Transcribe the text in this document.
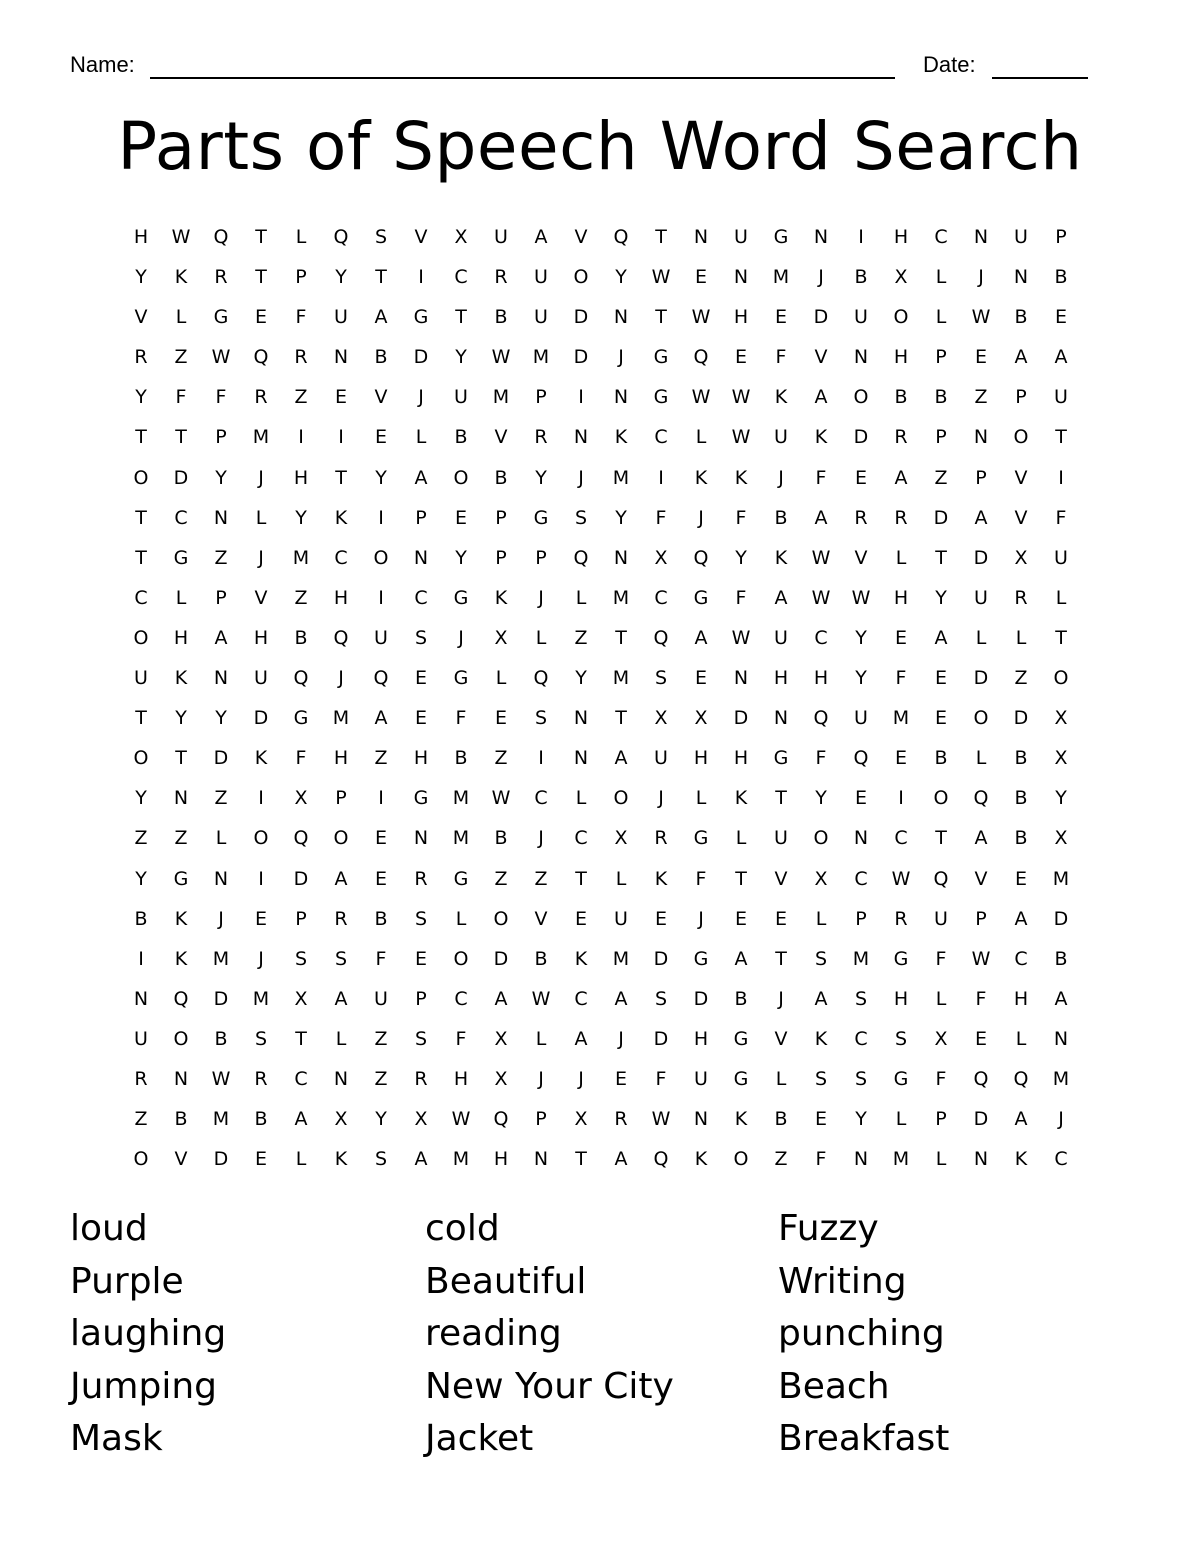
Name:	Date:
Parts of Speech Word Search
H	W	Q	T	L	Q	S	V	X	U	A	V	Q	T	N	U	G	N	I	H	C	N	U	P
Y	K	R	T	P	Y	T	I	C	R	U	O	Y	W	E	N	M	J	B	X	L	J	N	B
V	L	G	E	F	U	A	G	T	B	U	D	N	T	W	H	E	D	U	O	L	W	B	E
R	Z	W	Q	R	N	B	D	Y	W	M	D	J	G	Q	E	F	V	N	H	P	E	A	A
Y	F	F	R	Z	E	V	J	U	M	P	I	N	G	W	W	K	A	O	B	B	Z	P	U
T	T	P	M	I	I	E	L	B	V	R	N	K	C	L	W	U	K	D	R	P	N	O	T
O	D	Y	J	H	T	Y	A	O	B	Y	J	M	I	K	K	J	F	E	A	Z	P	V	I
T	C	N	L	Y	K	I	P	E	P	G	S	Y	F	J	F	B	A	R	R	D	A	V	F
T	G	Z	J	M	C	O	N	Y	P	P	Q	N	X	Q	Y	K	W	V	L	T	D	X	U
C	L	P	V	Z	H	I	C	G	K	J	L	M	C	G	F	A	W	W	H	Y	U	R	L
O	H	A	H	B	Q	U	S	J	X	L	Z	T	Q	A	W	U	C	Y	E	A	L	L	T
U	K	N	U	Q	J	Q	E	G	L	Q	Y	M	S	E	N	H	H	Y	F	E	D	Z	O
T	Y	Y	D	G	M	A	E	F	E	S	N	T	X	X	D	N	Q	U	M	E	O	D	X
O	T	D	K	F	H	Z	H	B	Z	I	N	A	U	H	H	G	F	Q	E	B	L	B	X
Y	N	Z	I	X	P	I	G	M	W	C	L	O	J	L	K	T	Y	E	I	O	Q	B	Y
Z	Z	L	O	Q	O	E	N	M	B	J	C	X	R	G	L	U	O	N	C	T	A	B	X
Y	G	N	I	D	A	E	R	G	Z	Z	T	L	K	F	T	V	X	C	W	Q	V	E	M
B	K	J	E	P	R	B	S	L	O	V	E	U	E	J	E	E	L	P	R	U	P	A	D
I	K	M	J	S	S	F	E	O	D	B	K	M	D	G	A	T	S	M	G	F	W	C	B
N	Q	D	M	X	A	U	P	C	A	W	C	A	S	D	B	J	A	S	H	L	F	H	A
U	O	B	S	T	L	Z	S	F	X	L	A	J	D	H	G	V	K	C	S	X	E	L	N
R	N	W	R	C	N	Z	R	H	X	J	J	E	F	U	G	L	S	S	G	F	Q	Q	M
Z	B	M	B	A	X	Y	X	W	Q	P	X	R	W	N	K	B	E	Y	L	P	D	A	J
O	V	D	E	L	K	S	A	M	H	N	T	A	Q	K	O	Z	F	N	M	L	N	K	C
loud
Purple
laughing
Jumping
Mask
cold
Beautiful
reading
New Your City
Jacket
Fuzzy
Writing
punching
Beach
Breakfast
